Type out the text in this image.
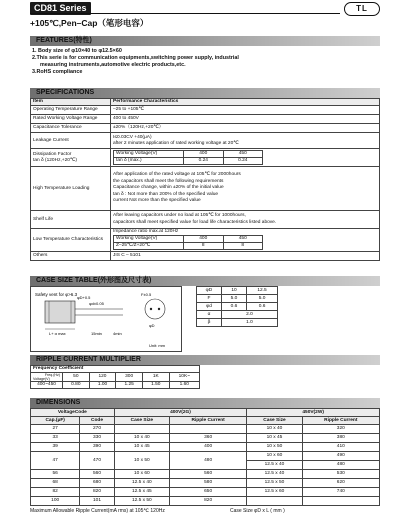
CD81 Series
+105℃,Pen–Cap（笔形电容）
TL
FEATURES(特性)
1. Body size of φ10×40 to φ12.5×60
2.This serie is for communication equipments,switching power supply, industrial
measuring instruments,automotive electric products,etc.
3.RoHS compliance
SPECIFICATIONS
Item	Performance Characteristics
Operating Temperature Range	–25 to +105℃
Rated Working Voltage Range	400 to 450V
Capacitance Tolerance	±20%（120Hz,+20℃）
Leakage Current	
I≤0.03CV +40(μA)
after 2 minutes application of rated working voltage at 20℃

Dissipation Factor
tan δ (120Hz,+20℃)

Working Voltage(V)	400	450
tan δ (max.)	0.24	0.24

High Temperature Loading	
After application of the rated voltage at 105℃ for 2000hours
the capacitors shall meet the following requirements
Capacitance change, within ±20% of the initial value
tan δ : Not more than 200% of the specified value
current Not more than the specified value

Shelf Life	
After leaving capacitors under no load at 105℃ for 1000hours,
capacitors shall meet specified value for load life characteristics listed above.

Low Temperature Characteristics	
Impedance ratio max.at 120Hz
Working Voltage(V)	400	450
Z–25℃/Z+20℃	8	8

Others	JIS C – 5101
CASE SIZE TABLE(外形图及尺寸表)
Safety vent for φ>6.3
φd±0.05
L+ α max	15min	4min
φD+0.5
F±0.5
φD
Unit: mm
φD	10	12.5
F	5.0	5.0
φd	0.6	0.6
α	2.0	
β	1.0	
RIPPLE CURRENT MULTIPLIER
Frequency Coefficient					

Freq.(Hz)
Voltage(V)	50	120	300	1K	10K~
400~450	0.80	1.00	1.25	1.50	1.60
DIMENSIONS
VoltageCode		400V(2G)		450V(2W)	
Cap.(μF)	Code	Case Size	Ripple Current	Case Size	Ripple Current
27	270			10 x 40	320
33	330	10 x 40	360	10 x 45	380
39	390	10 x 45	400	10 x 50	410
47	470	10 x 50	480	10 x 60	490
				12.5 x 40	480
56	560	10 x 60	560	12.5 x 40	530
68	680	12.5 x 40	580	12.5 x 50	620
82	820	12.5 x 45	650	12.5 x 60	740
100	101	12.5 x 50	820		
Maximum Allowable Ripple Current(mA rms) at 105℃ 120Hz	Case Size φD x L ( mm )
